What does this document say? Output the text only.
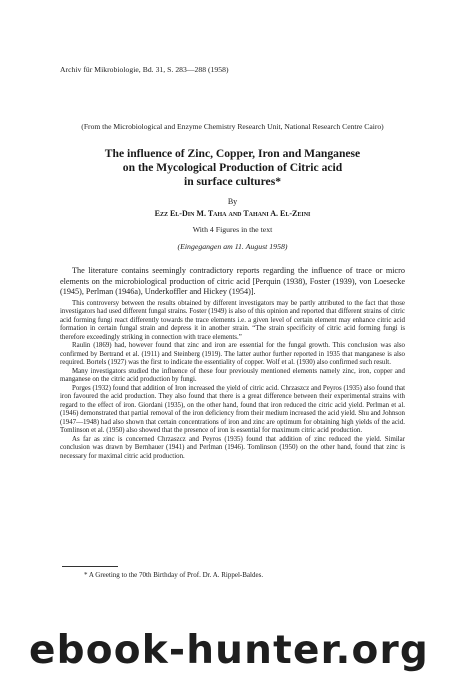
Archiv für Mikrobiologie, Bd. 31, S. 283—288 (1958)
(From the Microbiological and Enzyme Chemistry Research Unit, National Research Centre Cairo)
The influence of Zinc, Copper, Iron and Manganese
on the Mycological Production of Citric acid
in surface cultures*
By
Ezz El-Din M. Taha and Tahani A. El-Zeini
With 4 Figures in the text
(Eingegangen am 11. August 1958)

The literature contains seemingly contradictory reports regarding the influence of trace or micro elements on the microbiological production of citric acid [Perquin (1938), Foster (1939), von Loesecke (1945), Perlman (1946a), Underkoffler and Hickey (1954)].

This controversy between the results obtained by different investigators may be partly attributed to the fact that those investigators had used different fungal strains. Foster (1949) is also of this opinion and reported that different strains of citric acid forming fungi react differently towards the trace elements i.e. a given level of certain element may enhance citric acid formation in certain fungal strain and depress it in another strain. “The strain specificity of citric acid forming fungi is therefore exceedingly striking in connection with trace elements.”

Raulin (1869) had, however found that zinc and iron are essential for the fungal growth. This conclusion was also confirmed by Bertrand et al. (1911) and Steinberg (1919). The latter author further reported in 1935 that manganese is also required. Bortels (1927) was the first to indicate the essentiality of copper. Wolf et al. (1930) also confirmed such result.

Many investigators studied the influence of these four previously mentioned elements namely zinc, iron, copper and manganese on the citric acid production by fungi.

Porges (1932) found that addition of Iron increased the yield of citric acid. Chrzaszcz and Peyros (1935) also found that iron favoured the acid production. They also found that there is a great difference between their experimental strains with regard to the effect of iron. Giordani (1935), on the other hand, found that iron reduced the citric acid yield. Perlman et al. (1946) demonstrated that partial removal of the iron deficiency from their medium increased the acid yield. Shu and Johnson (1947—1948) had also shown that certain concentrations of iron and zinc are optimum for obtaining high yields of the acid. Tomlinson et al. (1950) also showed that the presence of iron is essential for maximum citric acid production.

As far as zinc is concerned Chrzaszcz and Peyros (1935) found that addition of zinc reduced the yield. Similar conclusion was drawn by Bernhauer (1941) and Perlman (1946). Tomlinson (1950) on the other hand, found that zinc is necessary for maximal citric acid production.

* A Greeting to the 70th Birthday of Prof. Dr. A. Rippel-Baldes.
ebook-hunter.org
